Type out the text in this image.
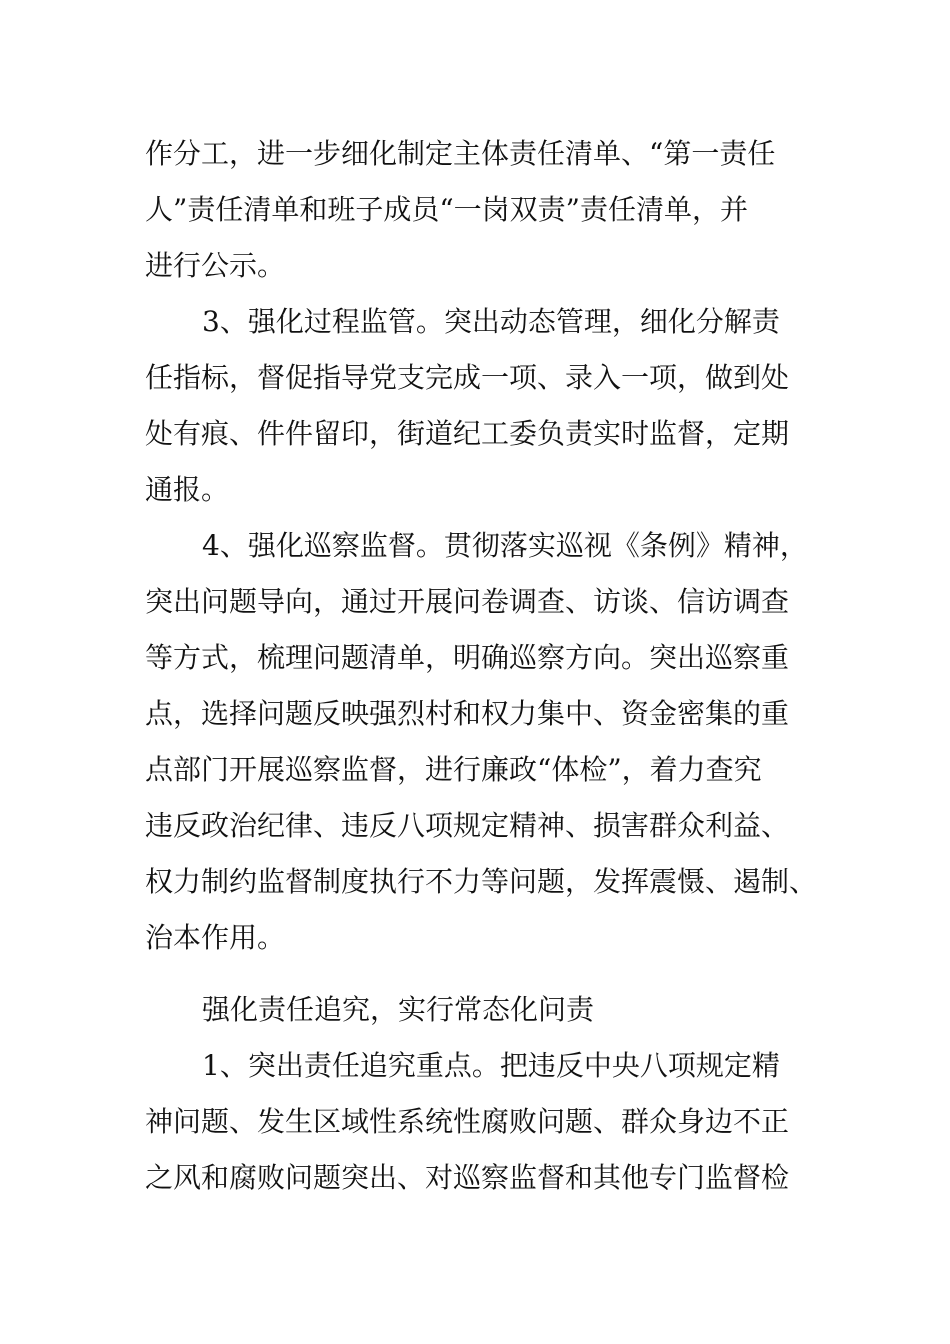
作分工，进一步细化制定主体责任清单、“第一责任
人”责任清单和班子成员“一岗双责”责任清单，并
进行公示。
3、强化过程监管。突出动态管理，细化分解责
任指标，督促指导党支完成一项、录入一项，做到处
处有痕、件件留印，街道纪工委负责实时监督，定期
通报。
4、强化巡察监督。贯彻落实巡视《条例》精神，
突出问题导向，通过开展问卷调查、访谈、信访调查
等方式，梳理问题清单，明确巡察方向。突出巡察重
点，选择问题反映强烈村和权力集中、资金密集的重
点部门开展巡察监督，进行廉政“体检”，着力查究
违反政治纪律、违反八项规定精神、损害群众利益、
权力制约监督制度执行不力等问题，发挥震慑、遏制、
治本作用。
强化责任追究，实行常态化问责
1、突出责任追究重点。把违反中央八项规定精
神问题、发生区域性系统性腐败问题、群众身边不正
之风和腐败问题突出、对巡察监督和其他专门监督检
